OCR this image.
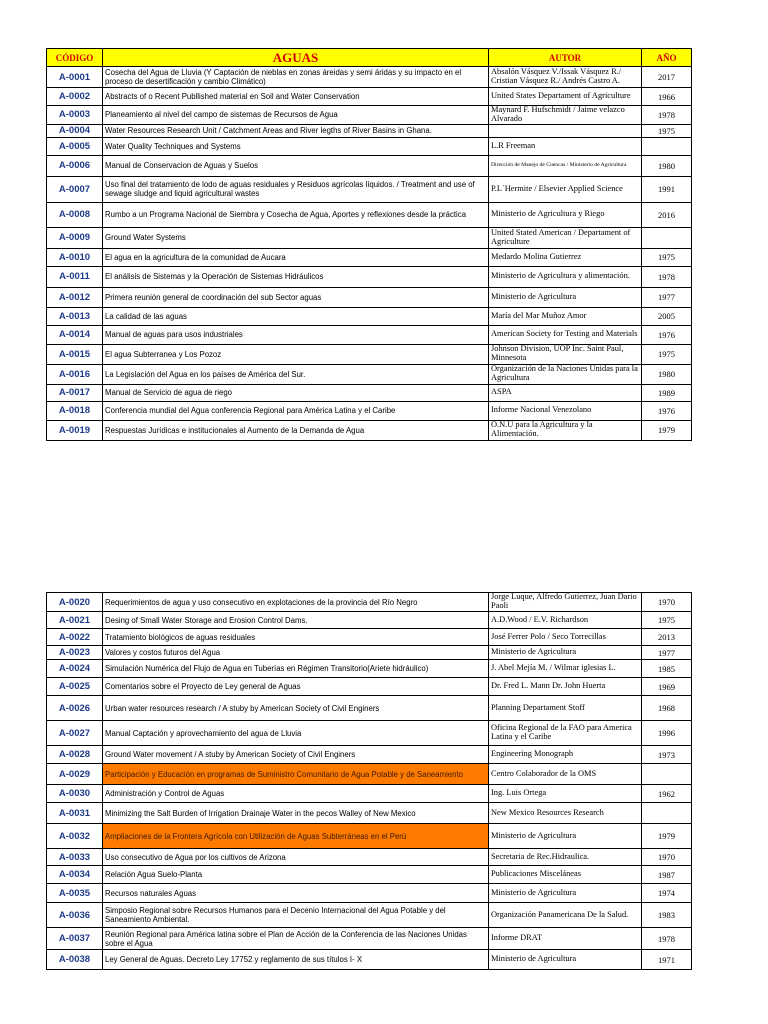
CÓDIGO	AGUAS	AUTOR	AÑO
A-0001	Cosecha del Agua de Lluvia (Y Captación de nieblas en zonas áreidas y semi áridas y su impacto en el proceso de desertificación y cambio Climático)	Absalón Vásquez V./Issak Vásquez R./ Cristian Vásquez R./ Andrés Castro A.	2017
A-0002	Abstracts of o Recent Publlished material en Soil and Water Conservation	United States Departament of Agriculture	1966
A-0003	Planeamiento al nivel del campo de sistemas de Recursos de Agua	Maynard F. Hufschmidt / Jaime velazco Alvarado	1978
A-0004	Water Resources Research Unit / Catchment Areas and River legths of River Basins in Ghana.		1975
A-0005	Water Quality Techniques and Systems	L.R Freeman	
A-0006	Manual de Conservacion de Aguas y Suelos	Dirección de Manejo de Cuencas / Ministerio de Agricultura	1980
A-0007	Uso final del tratamiento de lodo de aguas residuales y Residuos agrícolas líquidos. / Treatment and use of sewage sludge and liquid agricultural wastes	P.L´Hermite / Elsevier Applied Science	1991
A-0008	Rumbo a un Programa Nacional de Siembra y Cosecha de Agua, Aportes y reflexiones desde la práctica	Ministerio de Agricultura y Riego	2016
A-0009	Ground Water Systems	United Stated American / Departament of Agriculture	
A-0010	El agua en la agricultura de la comunidad de Aucara	Medardo Molina Gutierrez	1975
A-0011	El análisis de Sistemas y la Operación de Sistemas Hidráulicos	Ministerio de Agricultura y alimentación.	1978
A-0012	Primera reunión general de coordinación del sub Sector aguas	Ministerio de Agricultura	1977
A-0013	La calidad de las aguas	María del Mar Muñoz Amor	2005
A-0014	Manual de aguas para usos industriales	American Society for Testing and Materials	1976
A-0015	El agua Subterranea y Los Pozoz	Johnson Division, UOP Inc. Saint Paul, Minnesota	1975
A-0016	La Legislación del Agua en los países de América del Sur.	Organización de la Naciones Unidas para la Agricultura	1980
A-0017	Manual de Servicio de agua de riego	ASPA	1989
A-0018	Conferencia mundial del Agua conferencia Regional para América Latina y el Caribe	Informe Nacional Venezolano	1976
A-0019	Respuestas Jurídicas e institucionales al Aumento de la Demanda de Agua	O.N.U para la Agricultura y la Alimentación.	1979
A-0020	Requerimientos de agua y uso consecutivo en explotaciones de la provincia del Río Negro	Jorge Luque, Alfredo Gutierrez, Juan Dario Paoli	1970
A-0021	Desing of Small Water Storage and Erosion Control Dams.	A.D.Wood / E.V. Richardson	1975
A-0022	Tratamiento biológicos de aguas residuales	José Ferrer Polo / Seco Torrecillas	2013
A-0023	Valores y costos futuros del Agua	Ministerio de Agricultura	1977
A-0024	Simulación Numérica del Flujo de Agua en Tuberías en Régimen Transitorio(Ariete hidráulico)	J. Abel Mejía M. / Wilmar iglesias L.	1985
A-0025	Comentarios sobre el Proyecto de Ley general de Aguas	Dr. Fred L. Mann Dr. John Huerta	1969
A-0026	Urban water resources research / A stuby by American Society of Civil Enginers	Planning Departament Stoff	1968
A-0027	Manual Captación y aprovechamiento del agua de Lluvia	Oficina Regional de la FAO para America Latina y el Caribe	1996
A-0028	Ground Water movement / A stuby by American Society of Civil Enginers	Engineering Monograph	1973
A-0029	Participación y Educación en programas de Suministro Comunitario de Agua Potable y de Saneamiento	Centro Colaborador de la OMS	
A-0030	Administración y Control de Aguas	Ing. Luis Ortega	1962
A-0031	Minimizing the Salt Burden of Irrigation Drainaje Water in the pecos Walley of New Mexico	New Mexico Resources Research	
A-0032	Ampliaciones de la Frontera Agrícola con Utilización de Aguas Subterráneas en el Perú	Ministerio de Agricultura	1979
A-0033	Uso consecutivo de Agua por los cultivos de Arizona	Secretaria de Rec.Hidraulica.	1970
A-0034	Relación Agua Suelo-Planta	Publicaciones Misceláneas	1987
A-0035	Recursos naturales Aguas	Ministerio de Agricultura	1974
A-0036	Simposio Regional sobre Recursos Humanos para el Decenio Internacional del Agua Potable y del Saneamiento Ambiental.	Organización Panamericana De la Salud.	1983
A-0037	Reunión Regional para América latina sobre el Plan de Acción de la Conferencia de las Naciones Unidas sobre el Agua	Informe DRAT	1978
A-0038	Ley General de Aguas. Decreto Ley 17752 y reglamento de sus títulos I- X	Ministerio de Agricultura	1971
